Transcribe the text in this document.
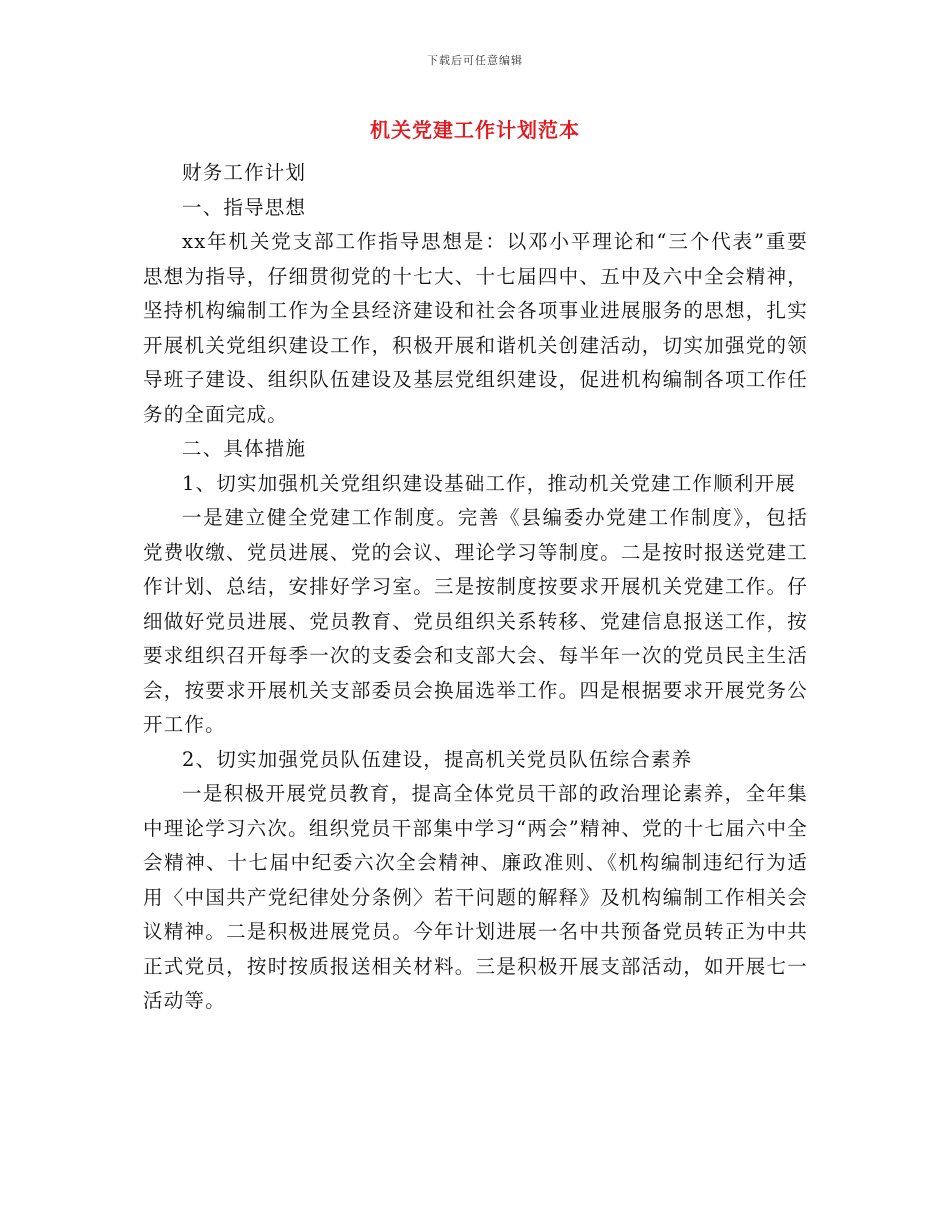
下载后可任意编辑
机关党建工作计划范本

财务工作计划

一、指导思想

xx年机关党支部工作指导思想是：以邓小平理论和“三个代表”重要思想为指导，仔细贯彻党的十七大、十七届四中、五中及六中全会精神，坚持机构编制工作为全县经济建设和社会各项事业进展服务的思想，扎实开展机关党组织建设工作，积极开展和谐机关创建活动，切实加强党的领导班子建设、组织队伍建设及基层党组织建设，促进机构编制各项工作任务的全面完成。

二、具体措施

1、切实加强机关党组织建设基础工作，推动机关党建工作顺利开展

一是建立健全党建工作制度。完善《县编委办党建工作制度》，包括党费收缴、党员进展、党的会议、理论学习等制度。二是按时报送党建工作计划、总结，安排好学习室。三是按制度按要求开展机关党建工作。仔细做好党员进展、党员教育、党员组织关系转移、党建信息报送工作，按要求组织召开每季一次的支委会和支部大会、每半年一次的党员民主生活会，按要求开展机关支部委员会换届选举工作。四是根据要求开展党务公开工作。

2、切实加强党员队伍建设，提高机关党员队伍综合素养

一是积极开展党员教育，提高全体党员干部的政治理论素养，全年集中理论学习六次。组织党员干部集中学习“两会”精神、党的十七届六中全会精神、十七届中纪委六次全会精神、廉政准则、《机构编制违纪行为适用〈中国共产党纪律处分条例〉若干问题的解释》及机构编制工作相关会议精神。二是积极进展党员。今年计划进展一名中共预备党员转正为中共正式党员，按时按质报送相关材料。三是积极开展支部活动，如开展七一活动等。
